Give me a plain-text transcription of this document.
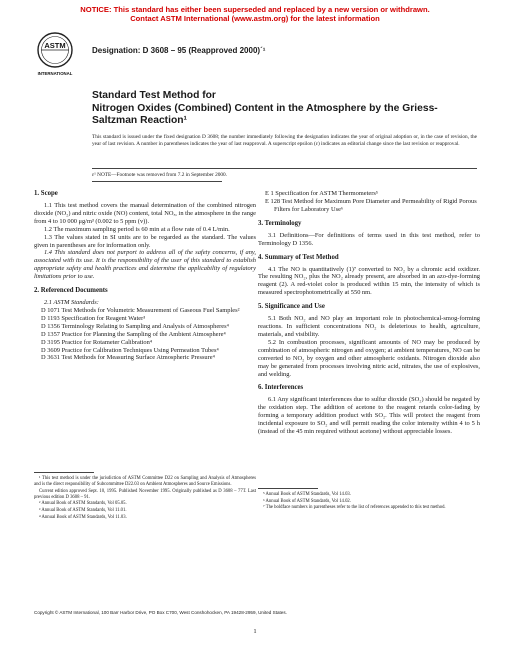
NOTICE: This standard has either been superseded and replaced by a new version or withdrawn.
Contact ASTM International (www.astm.org) for the latest information
ASTM
INTERNATIONAL
Designation: D 3608 – 95 (Reapproved 2000)´¹
Standard Test Method for
Nitrogen Oxides (Combined) Content in the Atmosphere by the Griess-Saltzman Reaction¹
This standard is issued under the fixed designation D 3608; the number immediately following the designation indicates the year of original adoption or, in the case of revision, the year of last revision. A number in parentheses indicates the year of last reapproval. A superscript epsilon (ε) indicates an editorial change since the last revision or reapproval.
ε¹ NOTE—Footnote was removed from 7.2 in September 2000.
1. Scope

1.1 This test method covers the manual determination of the combined nitrogen dioxide (NO₂) and nitric oxide (NO) content, total NOₓ, in the atmosphere in the range from 4 to 10 000 μg/m³ (0.002 to 5 ppm (v)).

1.2 The maximum sampling period is 60 min at a flow rate of 0.4 L/min.

1.3 The values stated in SI units are to be regarded as the standard. The values given in parentheses are for information only.

1.4 This standard does not purport to address all of the safety concerns, if any, associated with its use. It is the responsibility of the user of this standard to establish appropriate safety and health practices and determine the applicability of regulatory limitations prior to use.

2. Referenced Documents
2.1 ASTM Standards:
D 1071 Test Methods for Volumetric Measurement of Gaseous Fuel Samples²
D 1193 Specification for Reagent Water³
D 1356 Terminology Relating to Sampling and Analysis of Atmospheres⁴
D 1357 Practice for Planning the Sampling of the Ambient Atmosphere⁴
D 3195 Practice for Rotameter Calibration⁴
D 3609 Practice for Calibration Techniques Using Permeation Tubes⁴
D 3631 Test Methods for Measuring Surface Atmospheric Pressure⁴
E 1 Specification for ASTM Thermometers⁵
E 128 Test Method for Maximum Pore Diameter and Permeability of Rigid Porous Filters for Laboratory Use⁶
3. Terminology

3.1 Definitions—For definitions of terms used in this test method, refer to Terminology D 1356.

4. Summary of Test Method

4.1 The NO is quantitatively (1)⁷ converted to NO₂ by a chromic acid oxidizer. The resulting NO₂, plus the NO₂ already present, are absorbed in an azo-dye-forming reagent (2). A red-violet color is produced within 15 min, the intensity of which is measured spectrophotometrically at 550 nm.

5. Significance and Use

5.1 Both NO₂ and NO play an important role in photochemical-smog-forming reactions. In sufficient concentrations NO₂ is deleterious to health, agriculture, materials, and visibility.

5.2 In combustion processes, significant amounts of NO may be produced by combination of atmospheric nitrogen and oxygen; at ambient temperatures, NO can be converted to NO₂ by oxygen and other atmospheric oxidants. Nitrogen dioxide also may be generated from processes involving nitric acid, nitrates, the use of explosives, and welding.

6. Interferences

6.1 Any significant interferences due to sulfur dioxide (SO₂) should be negated by the oxidation step. The addition of acetone to the reagent retards color-fading by forming a temporary addition product with SO₂. This will protect the reagent from incidental exposure to SO₂ and will permit reading the color intensity within 4 to 5 h (instead of the 45 min required without acetone) without appreciable losses.

¹ This test method is under the jurisdiction of ASTM Committee D22 on Sampling and Analysis of Atmospheres and is the direct responsibility of Subcommittee D22.03 on Ambient Atmospheres and Source Emissions.
Current edition approved Sept. 10, 1995. Published November 1995. Originally published as D 3608 – 77T. Last previous edition D 3608 – 91.
² Annual Book of ASTM Standards, Vol 05.05.
³ Annual Book of ASTM Standards, Vol 11.01.
⁴ Annual Book of ASTM Standards, Vol 11.03.
⁵ Annual Book of ASTM Standards, Vol 14.03.
⁶ Annual Book of ASTM Standards, Vol 14.02.
⁷ The boldface numbers in parentheses refer to the list of references appended to this test method.
Copyright © ASTM International, 100 Barr Harbor Drive, PO Box C700, West Conshohocken, PA 19428-2959, United States.
1
